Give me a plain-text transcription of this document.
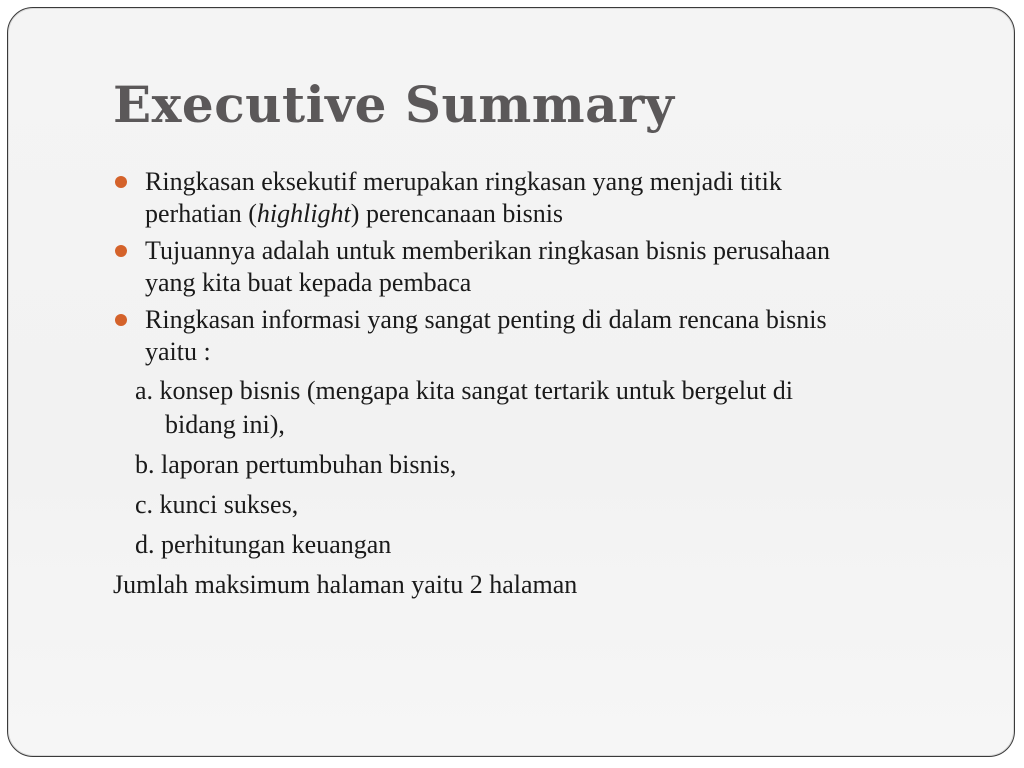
Executive Summary
Ringkasan eksekutif merupakan ringkasan yang menjadi titik
perhatian (highlight) perencanaan bisnis
Tujuannya adalah untuk memberikan ringkasan bisnis perusahaan
yang kita buat kepada pembaca
Ringkasan informasi yang sangat penting di dalam rencana bisnis
yaitu :
a. konsep bisnis (mengapa kita sangat tertarik untuk bergelut di
bidang ini),
b. laporan pertumbuhan bisnis,
c. kunci sukses,
d. perhitungan keuangan
Jumlah maksimum halaman yaitu 2 halaman
